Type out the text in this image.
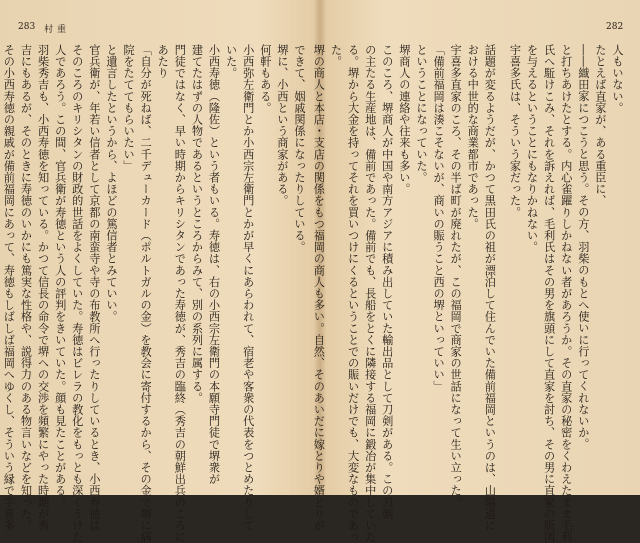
283 村重
できて、姻戚関係になったりしている。
堺に、小西という商家がある。
何軒もある。
小西弥左衛門とか小西宗左衛門とかが早くにあらわれて、宿老や客衆の代表をつとめたりして
いた。
小西寿徳（隆佐）という者もいる。寿徳は、右の小西宗左衛門の本願寺門徒で堺衆が
建てたはずの人物であるというところからみて、別の系列に属する。
門徒ではなく、早い時期からキリシタンであった寿徳が、秀吉の臨終（秀吉の朝鮮出兵のころに
あたり
「自分が死ねば、二千デューカード（ポルトガルの金）を教会に寄付するから、その金で堺に病
院をたててもらいたい」
と遺言したというから、よほどの篤信者とみていい。
官兵衛が、年若い信者として京都の南蛮寺や寺の布教所へ行ったりしているとき、小西寿徳は
そのころのキリシタンの財政的世話をよくしていた。寿徳はビレラの教化をもっとも深くうけた
人であろう。この間、官兵衛が寿徳という人の評判をきいていた。顔も見たことがある。
羽柴秀吉も、小西寿徳を知っている。かつて信長の命令で堺への交渉を頻繁にやった時期が秀
吉にもあるが、そのときに寿徳のいかにも篤実な性格や、説得力のある物言いなどを知った。
その小西寿徳の親戚が備前福岡にあって、寿徳もしばしば福岡へゆくし、そういう縁で宇喜多
282
人もいない。
たとえば直家が、ある重臣に、
――織田家につこうと思う。その方、羽柴のもとへ使いに行ってくれないか。
と打ちあけたとする。内心雀躍りしかねない者があろうか。その直家の秘密をくわえたまま毛利
氏へ駈けこみ、それを訴えれば、毛利氏はその男を旗頭にして直家を討ち、その男に直家の版図
を与えるということにもなりかねない。
宇喜多氏は、そういう家だった。
話題が変るようだが、かつて黒田氏の祖が漂泊して住んでいた備前福岡というのは、山陽道に
おける中世的な商業都市であった。
宇喜多直家のころ、その半ば町が廃れたが、この福岡で商家の世話になって生い立った。
「備前福岡は湊こそないが、商いの賑うこと西の堺といっていい」
ということになっていた。
堺商人の連絡や往来も多い。
このころ、堺商人が中国や南方アジアに積み出していた輸出品として刀剣がある。この刀剣
の主たる生産地は、備前であった。備前でも、長船をとくに隣接する福岡に鍛冶が集中していた
る。堺から大金を持ってそれを買いつけにくるということでの賑いだけでも、大変なものであっ
た。
堺の商人と本店・支店の関係をもつ福岡の商人も多い。自然、そのあいだに嫁とりや婿とりが
